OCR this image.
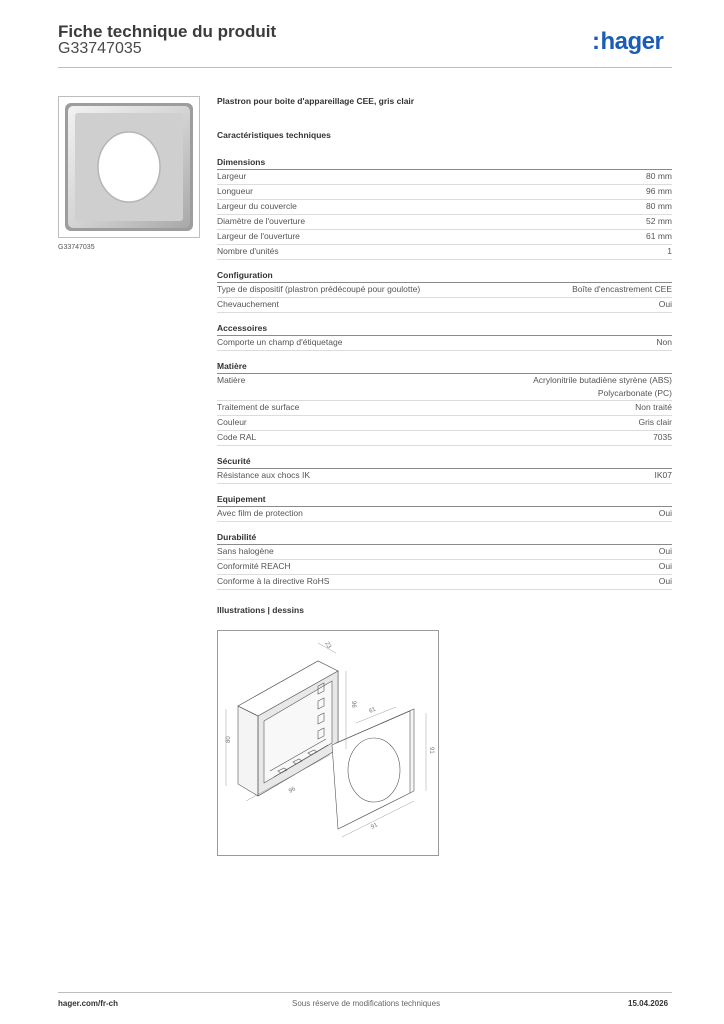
Fiche technique du produit
G33747035	:hager
G33747035
Plastron pour boite d'appareillage CEE, gris clair
Caractéristiques techniques
Dimensions
Largeur	80 mm
Longueur	96 mm
Largeur du couvercle	80 mm
Diamètre de l'ouverture	52 mm
Largeur de l'ouverture	61 mm
Nombre d'unités	1
Configuration
Type de dispositif (plastron prédécoupé pour goulotte)	Boîte d'encastrement CEE
Chevauchement	Oui
Accessoires
Comporte un champ d'étiquetage	Non
Matière
Matière	Acrylonitrile butadiène styrène (ABS)
Polycarbonate (PC)
Traitement de surface	Non traité
Couleur	Gris clair
Code RAL	7035
Sécurité
Résistance aux chocs IK	IK07
Equipement
Avec film de protection	Oui
Durabilité
Sans halogène	Oui
Conformité REACH	Oui
Conforme à la directive RoHS	Oui
Illustrations | dessins
80
23
96
96
61
91
91
hager.com/fr-ch	Sous réserve de modifications techniques	15.04.2026
